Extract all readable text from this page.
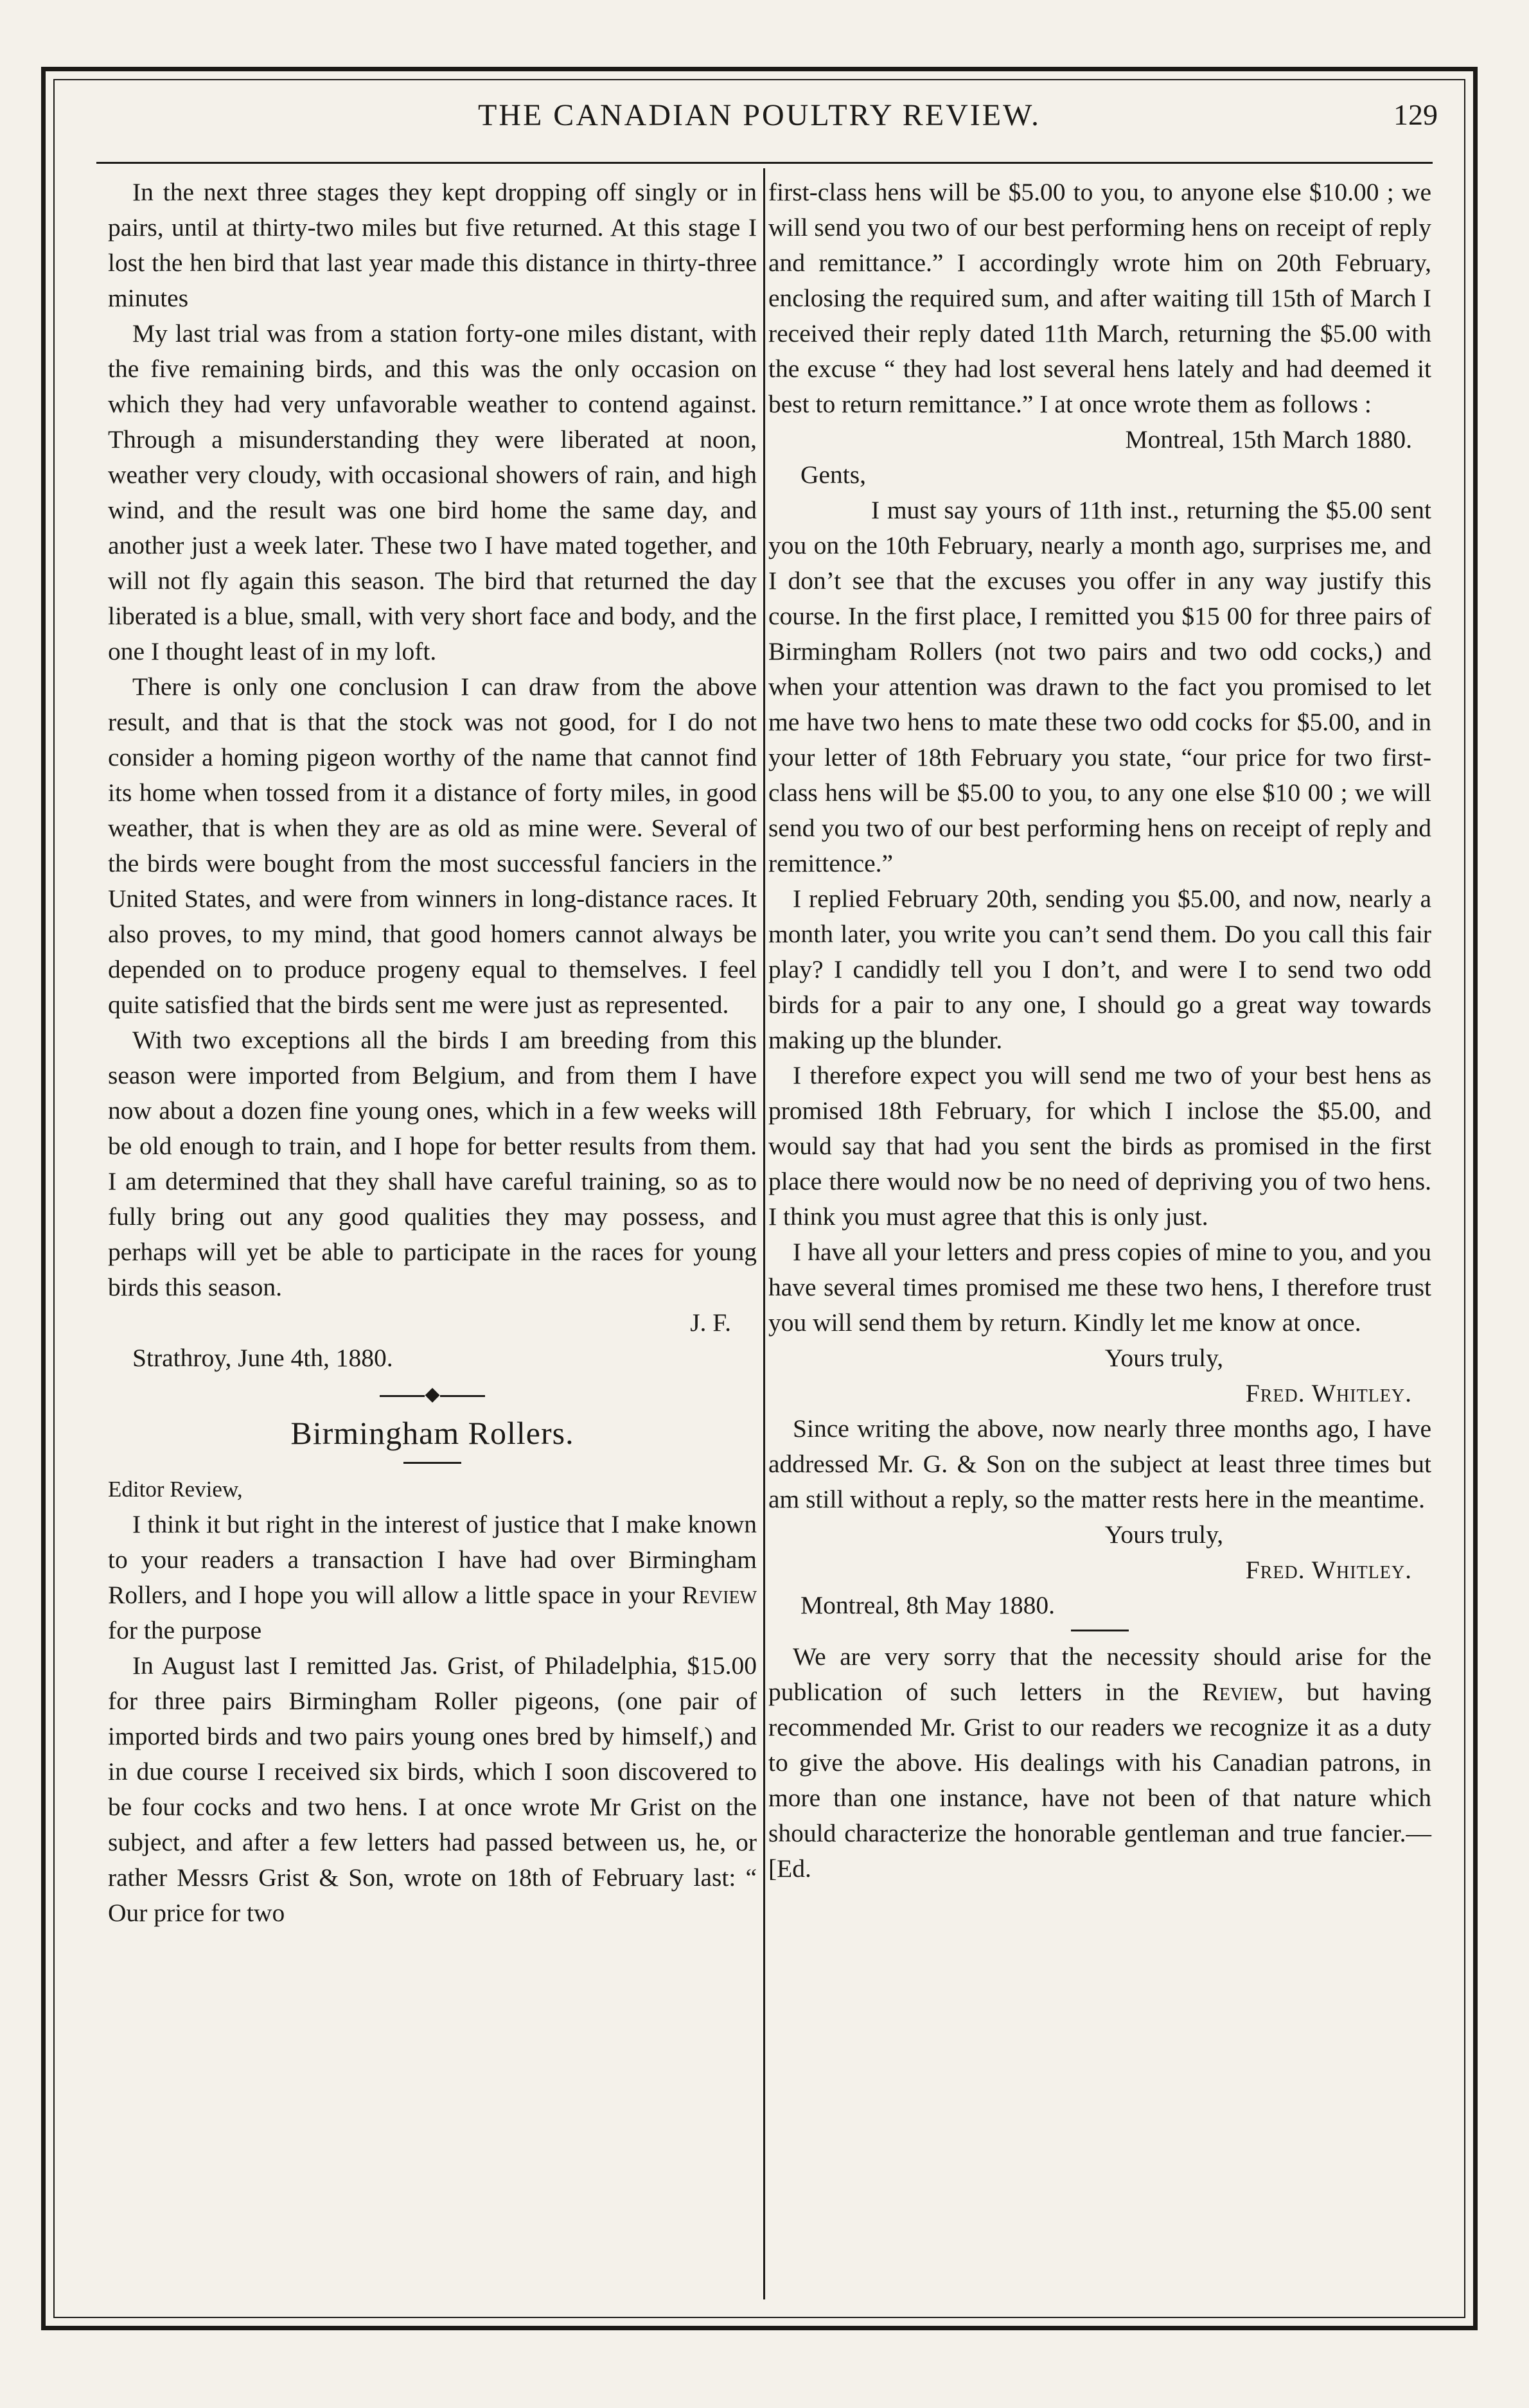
THE CANADIAN POULTRY REVIEW.	129

In the next three stages they kept dropping off singly or in pairs, until at thirty-two miles but five returned. At this stage I lost the hen bird that last year made this distance in thirty-three minutes

My last trial was from a station forty-one miles distant, with the five remaining birds, and this was the only occasion on which they had very unfavorable weather to contend against. Through a misunderstanding they were liberated at noon, weather very cloudy, with occasional showers of rain, and high wind, and the result was one bird home the same day, and another just a week later. These two I have mated together, and will not fly again this season. The bird that returned the day liberated is a blue, small, with very short face and body, and the one I thought least of in my loft.

There is only one conclusion I can draw from the above result, and that is that the stock was not good, for I do not consider a homing pigeon worthy of the name that cannot find its home when tossed from it a distance of forty miles, in good weather, that is when they are as old as mine were. Several of the birds were bought from the most successful fanciers in the United States, and were from winners in long-distance races. It also proves, to my mind, that good homers cannot always be depended on to produce progeny equal to themselves. I feel quite satisfied that the birds sent me were just as represented.

With two exceptions all the birds I am breeding from this season were imported from Belgium, and from them I have now about a dozen fine young ones, which in a few weeks will be old enough to train, and I hope for better results from them. I am determined that they shall have careful training, so as to fully bring out any good qualities they may possess, and perhaps will yet be able to participate in the races for young birds this season.

J. F.

Strathroy, June 4th, 1880.

◆
Birmingham Rollers.

Editor Review,

I think it but right in the interest of justice that I make known to your readers a transaction I have had over Birmingham Rollers, and I hope you will allow a little space in your Review for the purpose

In August last I remitted Jas. Grist, of Philadelphia, $15.00 for three pairs Birmingham Roller pigeons, (one pair of imported birds and two pairs young ones bred by himself,) and in due course I received six birds, which I soon discovered to be four cocks and two hens. I at once wrote Mr Grist on the subject, and after a few letters had passed between us, he, or rather Messrs Grist & Son, wrote on 18th of February last: “ Our price for two

first-class hens will be $5.00 to you, to anyone else $10.00 ; we will send you two of our best performing hens on receipt of reply and remittance.” I accordingly wrote him on 20th February, enclosing the required sum, and after waiting till 15th of March I received their reply dated 11th March, returning the $5.00 with the excuse “ they had lost several hens lately and had deemed it best to return remittance.” I at once wrote them as follows :

Montreal, 15th March 1880.

Gents,

I must say yours of 11th inst., returning the $5.00 sent you on the 10th February, nearly a month ago, surprises me, and I don’t see that the excuses you offer in any way justify this course. In the first place, I remitted you $15 00 for three pairs of Birmingham Rollers (not two pairs and two odd cocks,) and when your attention was drawn to the fact you promised to let me have two hens to mate these two odd cocks for $5.00, and in your letter of 18th February you state, “our price for two first-class hens will be $5.00 to you, to any one else $10 00 ; we will send you two of our best performing hens on receipt of reply and remittence.”

I replied February 20th, sending you $5.00, and now, nearly a month later, you write you can’t send them. Do you call this fair play? I candidly tell you I don’t, and were I to send two odd birds for a pair to any one, I should go a great way towards making up the blunder.

I therefore expect you will send me two of your best hens as promised 18th February, for which I inclose the $5.00, and would say that had you sent the birds as promised in the first place there would now be no need of depriving you of two hens. I think you must agree that this is only just.

I have all your letters and press copies of mine to you, and you have several times promised me these two hens, I therefore trust you will send them by return. Kindly let me know at once.

Yours truly,

Fred. Whitley.

Since writing the above, now nearly three months ago, I have addressed Mr. G. & Son on the subject at least three times but am still without a reply, so the matter rests here in the meantime.

Yours truly,

Fred. Whitley.

Montreal, 8th May 1880.

We are very sorry that the necessity should arise for the publication of such letters in the Review, but having recommended Mr. Grist to our readers we recognize it as a duty to give the above. His dealings with his Canadian patrons, in more than one instance, have not been of that nature which should characterize the honorable gentleman and true fancier.—[Ed.
